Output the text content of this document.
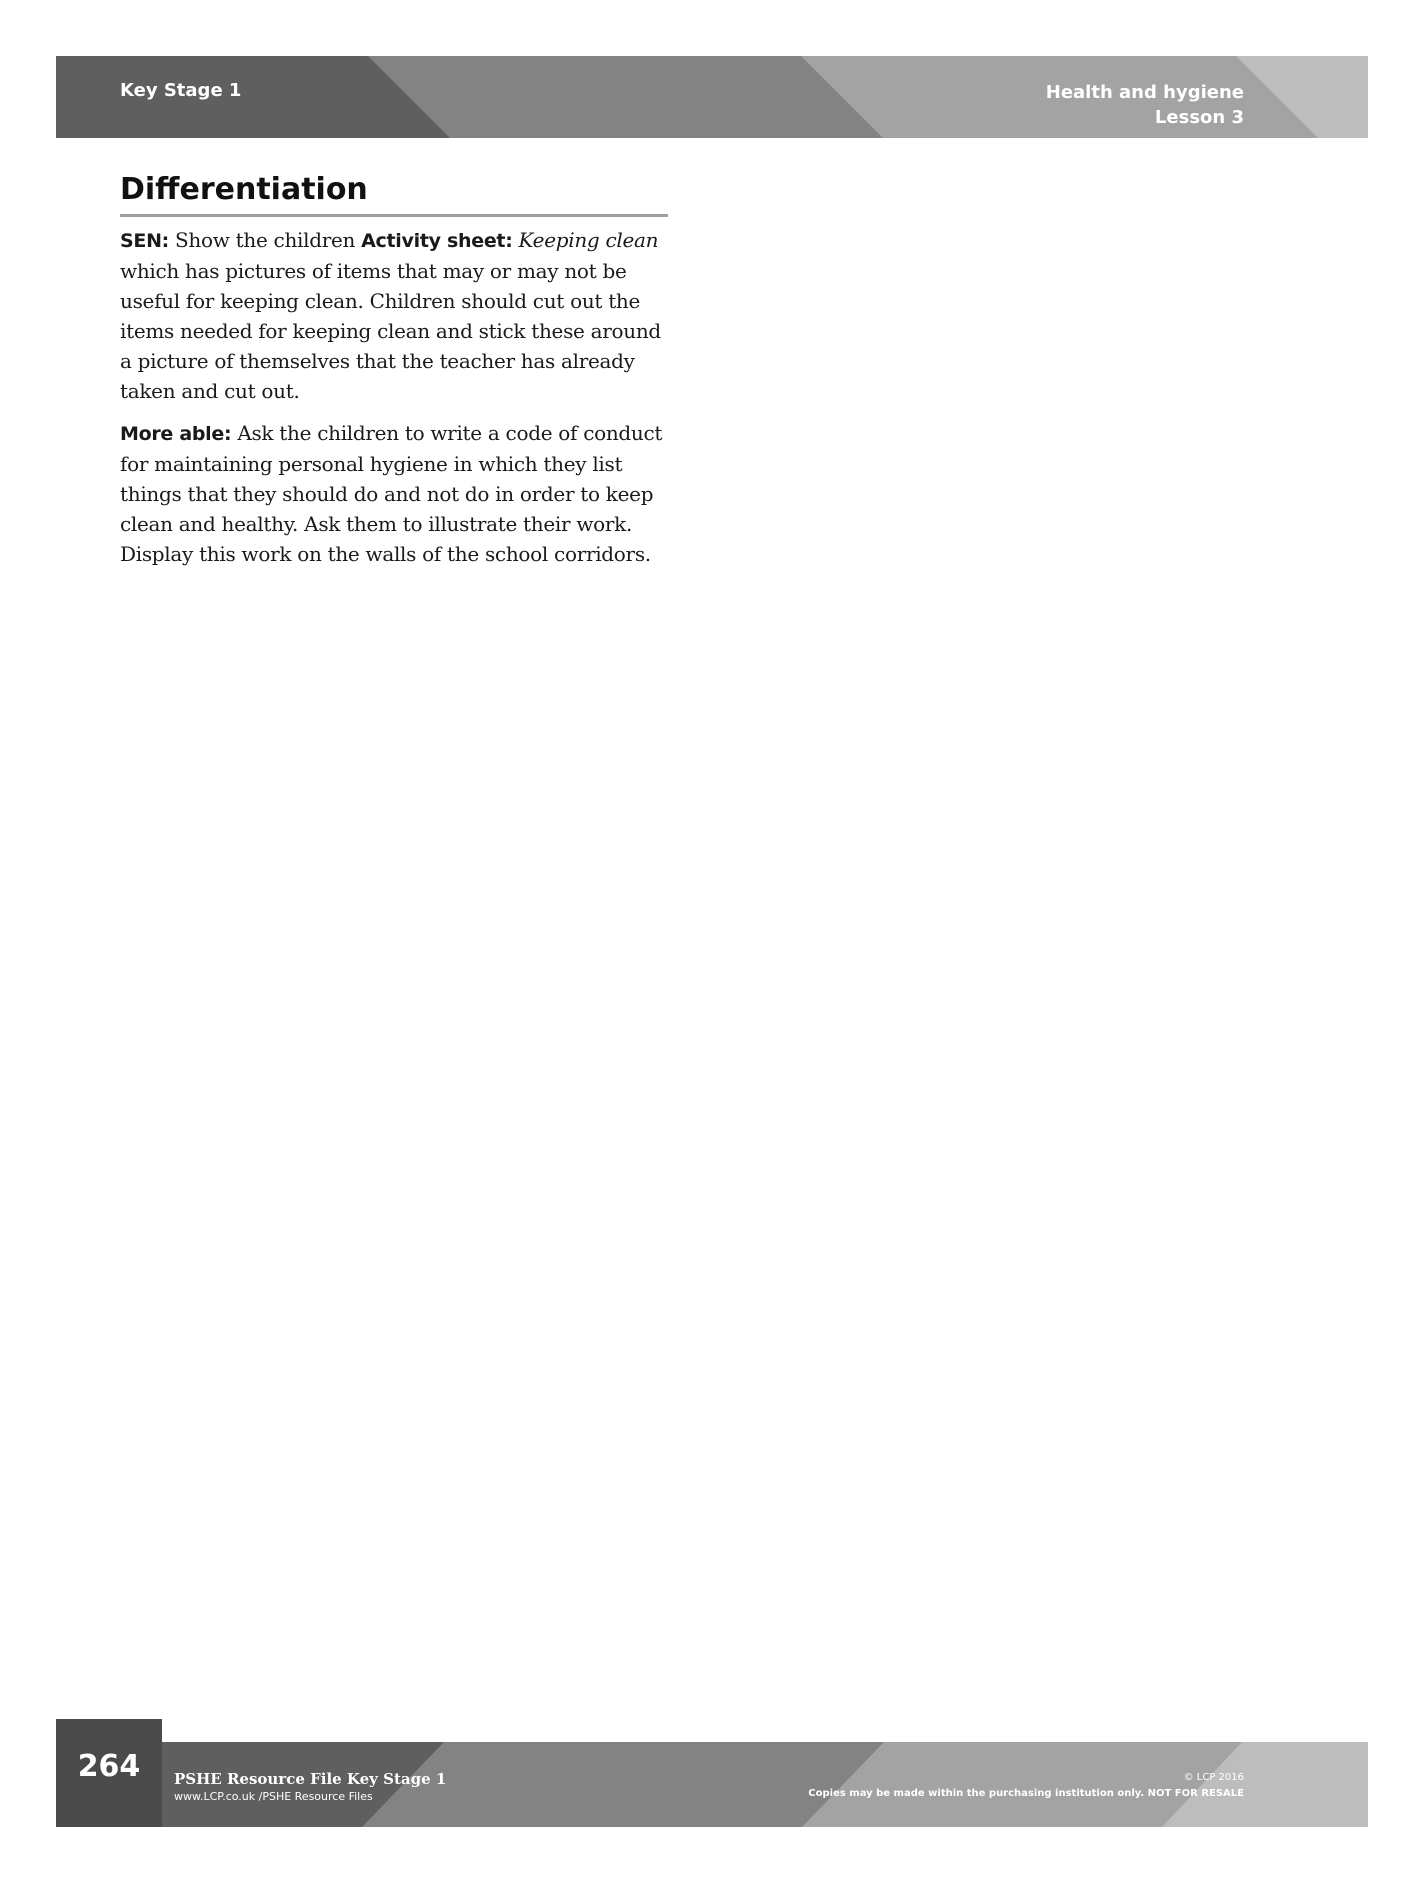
Key Stage 1	Health and hygiene
Lesson 3
Differentiation

SEN: Show the children Activity sheet: Keeping clean which has pictures of items that may or may not be useful for keeping clean. Children should cut out the items needed for keeping clean and stick these around a picture of themselves that the teacher has already taken and cut out.

More able: Ask the children to write a code of conduct for maintaining personal hygiene in which they list things that they should do and not do in order to keep clean and healthy. Ask them to illustrate their work. Display this work on the walls of the school corridors.

264	PSHE Resource File Key Stage 1
www.LCP.co.uk /PSHE Resource Files
© LCP 2016
Copies may be made within the purchasing institution only. NOT FOR RESALE
